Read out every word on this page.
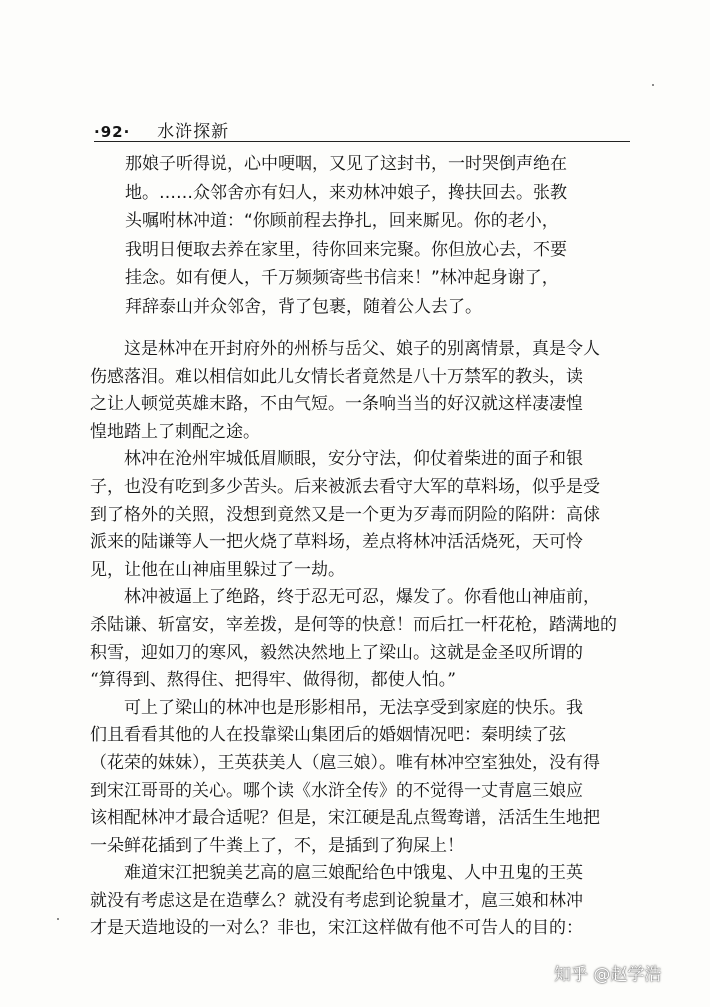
·92· 水浒探新
那娘子听得说，心中哽咽，又见了这封书，一时哭倒声绝在
地。……众邻舍亦有妇人，来劝林冲娘子，搀扶回去。张教
头嘱咐林冲道：“你顾前程去挣扎，回来厮见。你的老小，
我明日便取去养在家里，待你回来完聚。你但放心去，不要
挂念。如有便人，千万频频寄些书信来！”林冲起身谢了，
拜辞泰山并众邻舍，背了包裹，随着公人去了。
　　这是林冲在开封府外的州桥与岳父、娘子的别离情景，真是令人
伤感落泪。难以相信如此儿女情长者竟然是八十万禁军的教头，读
之让人顿觉英雄末路，不由气短。一条响当当的好汉就这样凄凄惶
惶地踏上了刺配之途。
　　林冲在沧州牢城低眉顺眼，安分守法，仰仗着柴进的面子和银
子，也没有吃到多少苦头。后来被派去看守大军的草料场，似乎是受
到了格外的关照，没想到竟然又是一个更为歹毒而阴险的陷阱：高俅
派来的陆谦等人一把火烧了草料场，差点将林冲活活烧死，天可怜
见，让他在山神庙里躲过了一劫。
　　林冲被逼上了绝路，终于忍无可忍，爆发了。你看他山神庙前，
杀陆谦、斩富安，宰差拨，是何等的快意！而后扛一杆花枪，踏满地的
积雪，迎如刀的寒风，毅然决然地上了梁山。这就是金圣叹所谓的
“算得到、熬得住、把得牢、做得彻，都使人怕。”
　　可上了梁山的林冲也是形影相吊，无法享受到家庭的快乐。我
们且看看其他的人在投靠梁山集团后的婚姻情况吧：秦明续了弦
（花荣的妹妹），王英获美人（扈三娘）。唯有林冲空室独处，没有得
到宋江哥哥的关心。哪个读《水浒全传》的不觉得一丈青扈三娘应
该相配林冲才最合适呢？但是，宋江硬是乱点鸳鸯谱，活活生生地把
一朵鲜花插到了牛粪上了，不，是插到了狗屎上！
　　难道宋江把貌美艺高的扈三娘配给色中饿鬼、人中丑鬼的王英
就没有考虑这是在造孽么？就没有考虑到论貌量才，扈三娘和林冲
才是天造地设的一对么？非也，宋江这样做有他不可告人的目的：
知乎 @赵学浩
